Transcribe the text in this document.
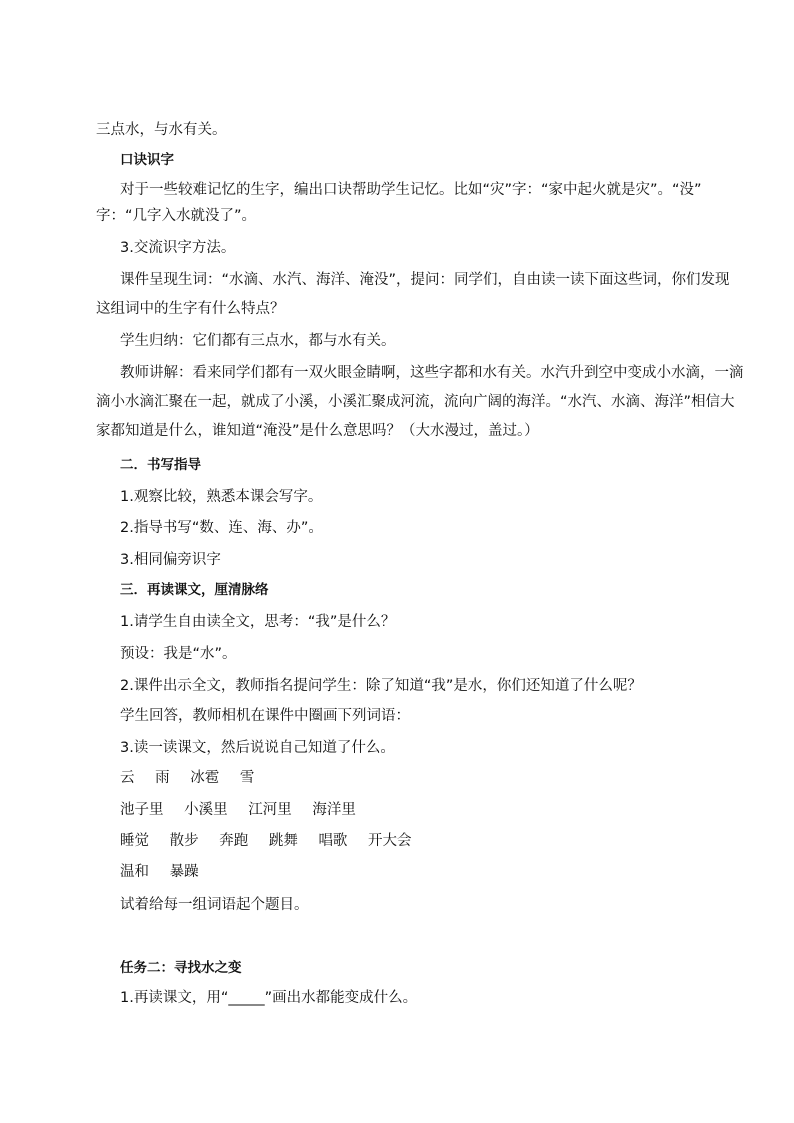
三点水，与水有关。
口诀识字
对于一些较难记忆的生字，编出口诀帮助学生记忆。比如“灾”字：“家中起火就是灾”。“没”
字：“几字入水就没了”。
3.交流识字方法。
课件呈现生词：“水滴、水汽、海洋、淹没”，提问：同学们，自由读一读下面这些词，你们发现
这组词中的生字有什么特点？
学生归纳：它们都有三点水，都与水有关。
教师讲解：看来同学们都有一双火眼金睛啊，这些字都和水有关。水汽升到空中变成小水滴，一滴
滴小水滴汇聚在一起，就成了小溪，小溪汇聚成河流，流向广阔的海洋。“水汽、水滴、海洋”相信大
家都知道是什么，谁知道“淹没”是什么意思吗？（大水漫过，盖过。）
二．书写指导
1.观察比较，熟悉本课会写字。
2.指导书写“数、连、海、办”。
3.相同偏旁识字
三．再读课文，厘清脉络
1.请学生自由读全文，思考：“我”是什么？
预设：我是“水”。
2.课件出示全文，教师指名提问学生：除了知道“我”是水，你们还知道了什么呢？
学生回答，教师相机在课件中圈画下列词语：
3.读一读课文，然后说说自己知道了什么。
云 雨 冰雹 雪
池子里 小溪里 江河里 海洋里
睡觉 散步 奔跑 跳舞 唱歌 开大会
温和 暴躁
试着给每一组词语起个题目。
任务二：寻找水之变
1.再读课文，用“_____”画出水都能变成什么。
